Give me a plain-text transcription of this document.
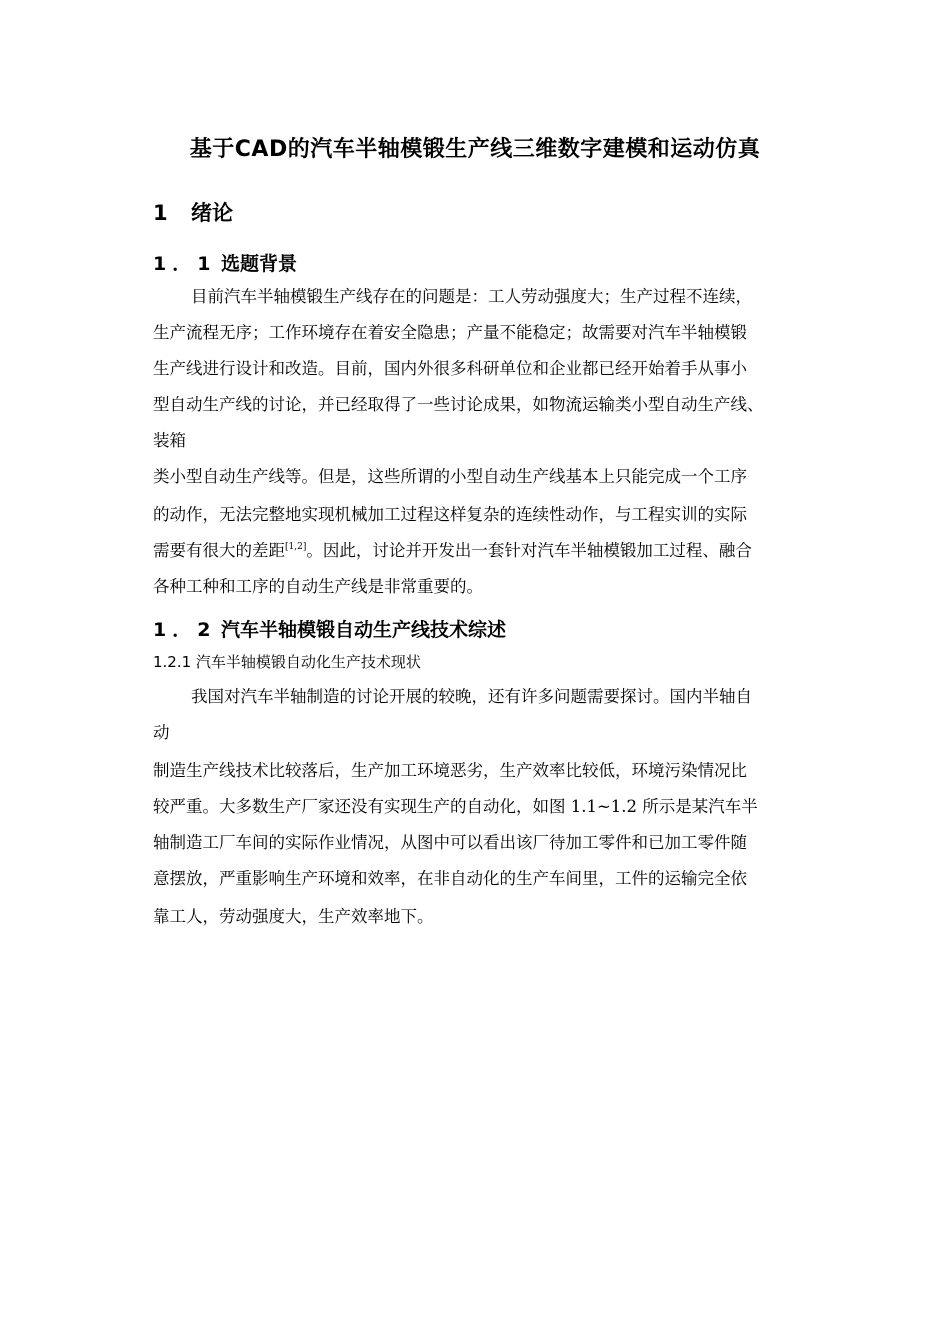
基于CAD的汽车半轴模锻生产线三维数字建模和运动仿真
1 绪论
1．1 选题背景
目前汽车半轴模锻生产线存在的问题是：工人劳动强度大；生产过程不连续，
生产流程无序；工作环境存在着安全隐患；产量不能稳定；故需要对汽车半轴模锻
生产线进行设计和改造。目前，国内外很多科研单位和企业都已经开始着手从事小
型自动生产线的讨论，并已经取得了一些讨论成果，如物流运输类小型自动生产线、
装箱
类小型自动生产线等。但是，这些所谓的小型自动生产线基本上只能完成一个工序
的动作，无法完整地实现机械加工过程这样复杂的连续性动作，与工程实训的实际
需要有很大的差距[1,2]。因此，讨论并开发出一套针对汽车半轴模锻加工过程、融合
各种工种和工序的自动生产线是非常重要的。
1．2 汽车半轴模锻自动生产线技术综述
1.2.1 汽车半轴模锻自动化生产技术现状
我国对汽车半轴制造的讨论开展的较晚，还有许多问题需要探讨。国内半轴自
动
制造生产线技术比较落后，生产加工环境恶劣，生产效率比较低，环境污染情况比
较严重。大多数生产厂家还没有实现生产的自动化，如图 1.1~1.2 所示是某汽车半
轴制造工厂车间的实际作业情况，从图中可以看出该厂待加工零件和已加工零件随
意摆放，严重影响生产环境和效率，在非自动化的生产车间里，工件的运输完全依
靠工人，劳动强度大，生产效率地下。
